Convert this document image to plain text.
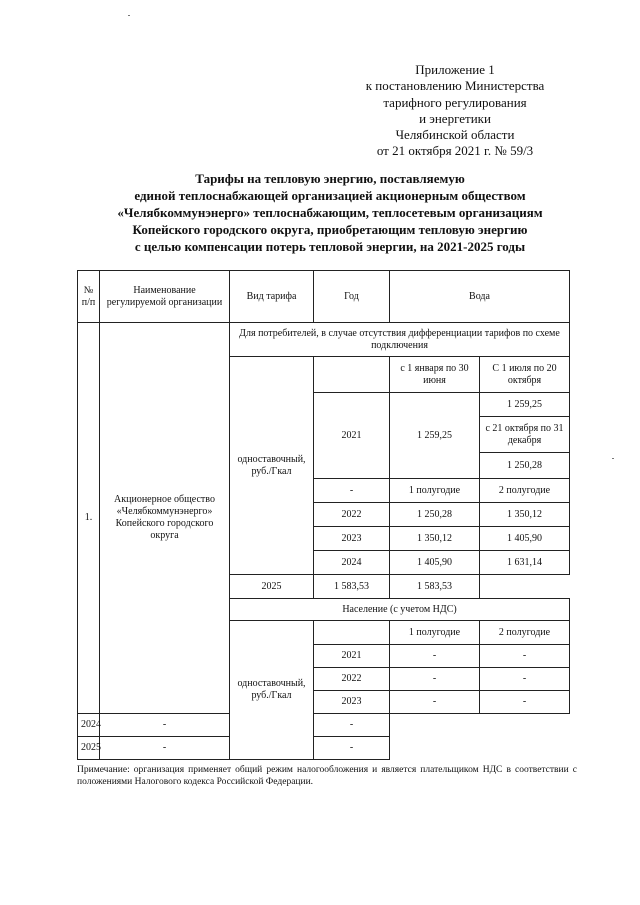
Приложение 1
к постановлению Министерства
тарифного регулирования
и энергетики
Челябинской области
от 21 октября 2021 г. № 59/3
Тарифы на тепловую энергию, поставляемую
единой теплоснабжающей организацией акционерным обществом
«Челябкоммунэнерго» теплоснабжающим, теплосетевым организациям
Копейского городского округа, приобретающим тепловую энергию
с целью компенсации потерь тепловой энергии, на 2021-2025 годы
№ п/п	Наименование регулируемой организации	Вид тарифа	Год	Вода	
1.	Акционерное общество «Челябкоммунэнерго» Копейского городского округа	Для потребителей, в случае отсутствия дифференциации тарифов по схеме подключения			
		одноставочный, руб./Гкал		с 1 января по 30 июня	С 1 июля по 20 октября
			2021	1 259,25	1 259,25
					с 21 октября по 31 декабря
					1 250,28
			-	1 полугодие	2 полугодие
			2022	1 250,28	1 350,12
			2023	1 350,12	1 405,90
			2024	1 405,90	1 631,14
		2025	1 583,53	1 583,53	
		Население (с учетом НДС)			
		одноставочный, руб./Гкал		1 полугодие	2 полугодие
			2021	-	-
			2022	-	-
			2023	-	-
2024	-		-		
2025	-		-		
Примечание: организация применяет общий режим налогообложения и является плательщиком НДС в соответствии с положениями Налогового кодекса Российской Федерации.
